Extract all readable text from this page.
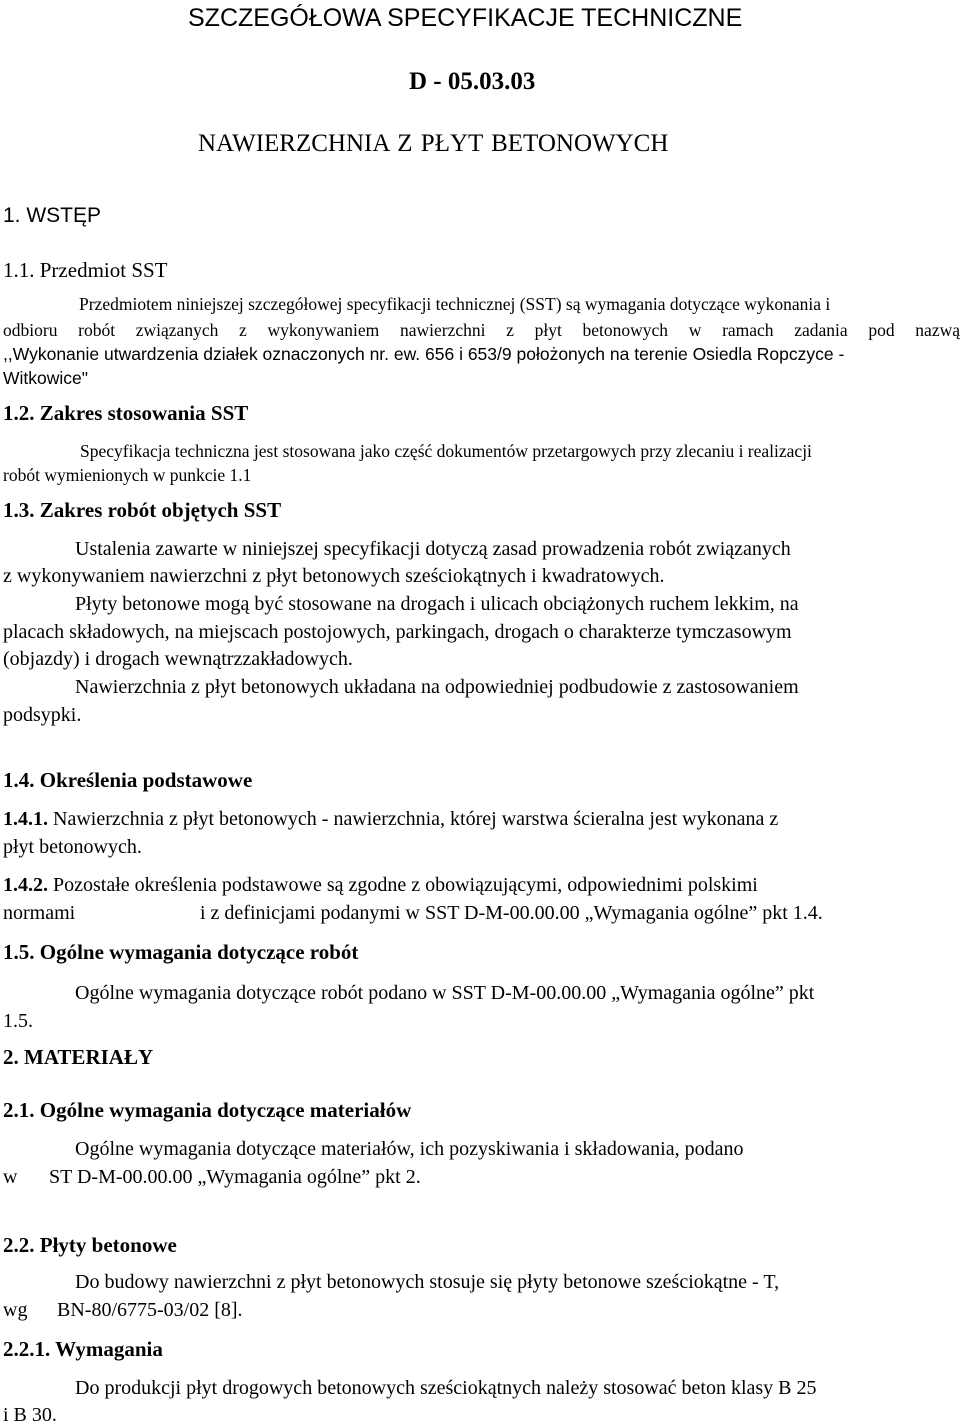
SZCZEGÓŁOWA SPECYFIKACJE TECHNICZNE
D - 05.03.03
NAWIERZCHNIA Z PŁYT BETONOWYCH
1. WSTĘP
1.1. Przedmiot SST
Przedmiotem niniejszej szczegółowej specyfikacji technicznej (SST) są wymagania dotyczące wykonania i
odbioru robót związanych z wykonywaniem nawierzchni z płyt betonowych w ramach zadania pod nazwą
,,Wykonanie utwardzenia działek oznaczonych nr. ew. 656 i 653/9 położonych na terenie Osiedla Ropczyce -
Witkowice"
1.2. Zakres stosowania SST
Specyfikacja techniczna jest stosowana jako część dokumentów przetargowych przy zlecaniu i realizacji
robót wymienionych w punkcie 1.1
1.3. Zakres robót objętych SST
Ustalenia zawarte w niniejszej specyfikacji dotyczą zasad prowadzenia robót związanych
z wykonywaniem nawierzchni z płyt betonowych sześciokątnych i kwadratowych.
Płyty betonowe mogą być stosowane na drogach i ulicach obciążonych ruchem lekkim, na
placach składowych, na miejscach postojowych, parkingach, drogach o charakterze tymczasowym
(objazdy) i drogach wewnątrzzakładowych.
Nawierzchnia z płyt betonowych układana na odpowiedniej podbudowie z zastosowaniem
podsypki.
1.4. Określenia podstawowe
1.4.1. Nawierzchnia z płyt betonowych - nawierzchnia, której warstwa ścieralna jest wykonana z
płyt betonowych.
1.4.2. Pozostałe określenia podstawowe są zgodne z obowiązującymi, odpowiednimi polskimi
normami	i z definicjami podanymi w SST D-M-00.00.00 „Wymagania ogólne” pkt 1.4.
1.5. Ogólne wymagania dotyczące robót
Ogólne wymagania dotyczące robót podano w SST D-M-00.00.00 „Wymagania ogólne” pkt
1.5.
2. MATERIAŁY
2.1. Ogólne wymagania dotyczące materiałów
Ogólne wymagania dotyczące materiałów, ich pozyskiwania i składowania, podano
w ST D-M-00.00.00 „Wymagania ogólne” pkt 2.
2.2. Płyty betonowe
Do budowy nawierzchni z płyt betonowych stosuje się płyty betonowe sześciokątne - T,
wg BN-80/6775-03/02 [8].
2.2.1. Wymagania
Do produkcji płyt drogowych betonowych sześciokątnych należy stosować beton klasy B 25
i B 30.
